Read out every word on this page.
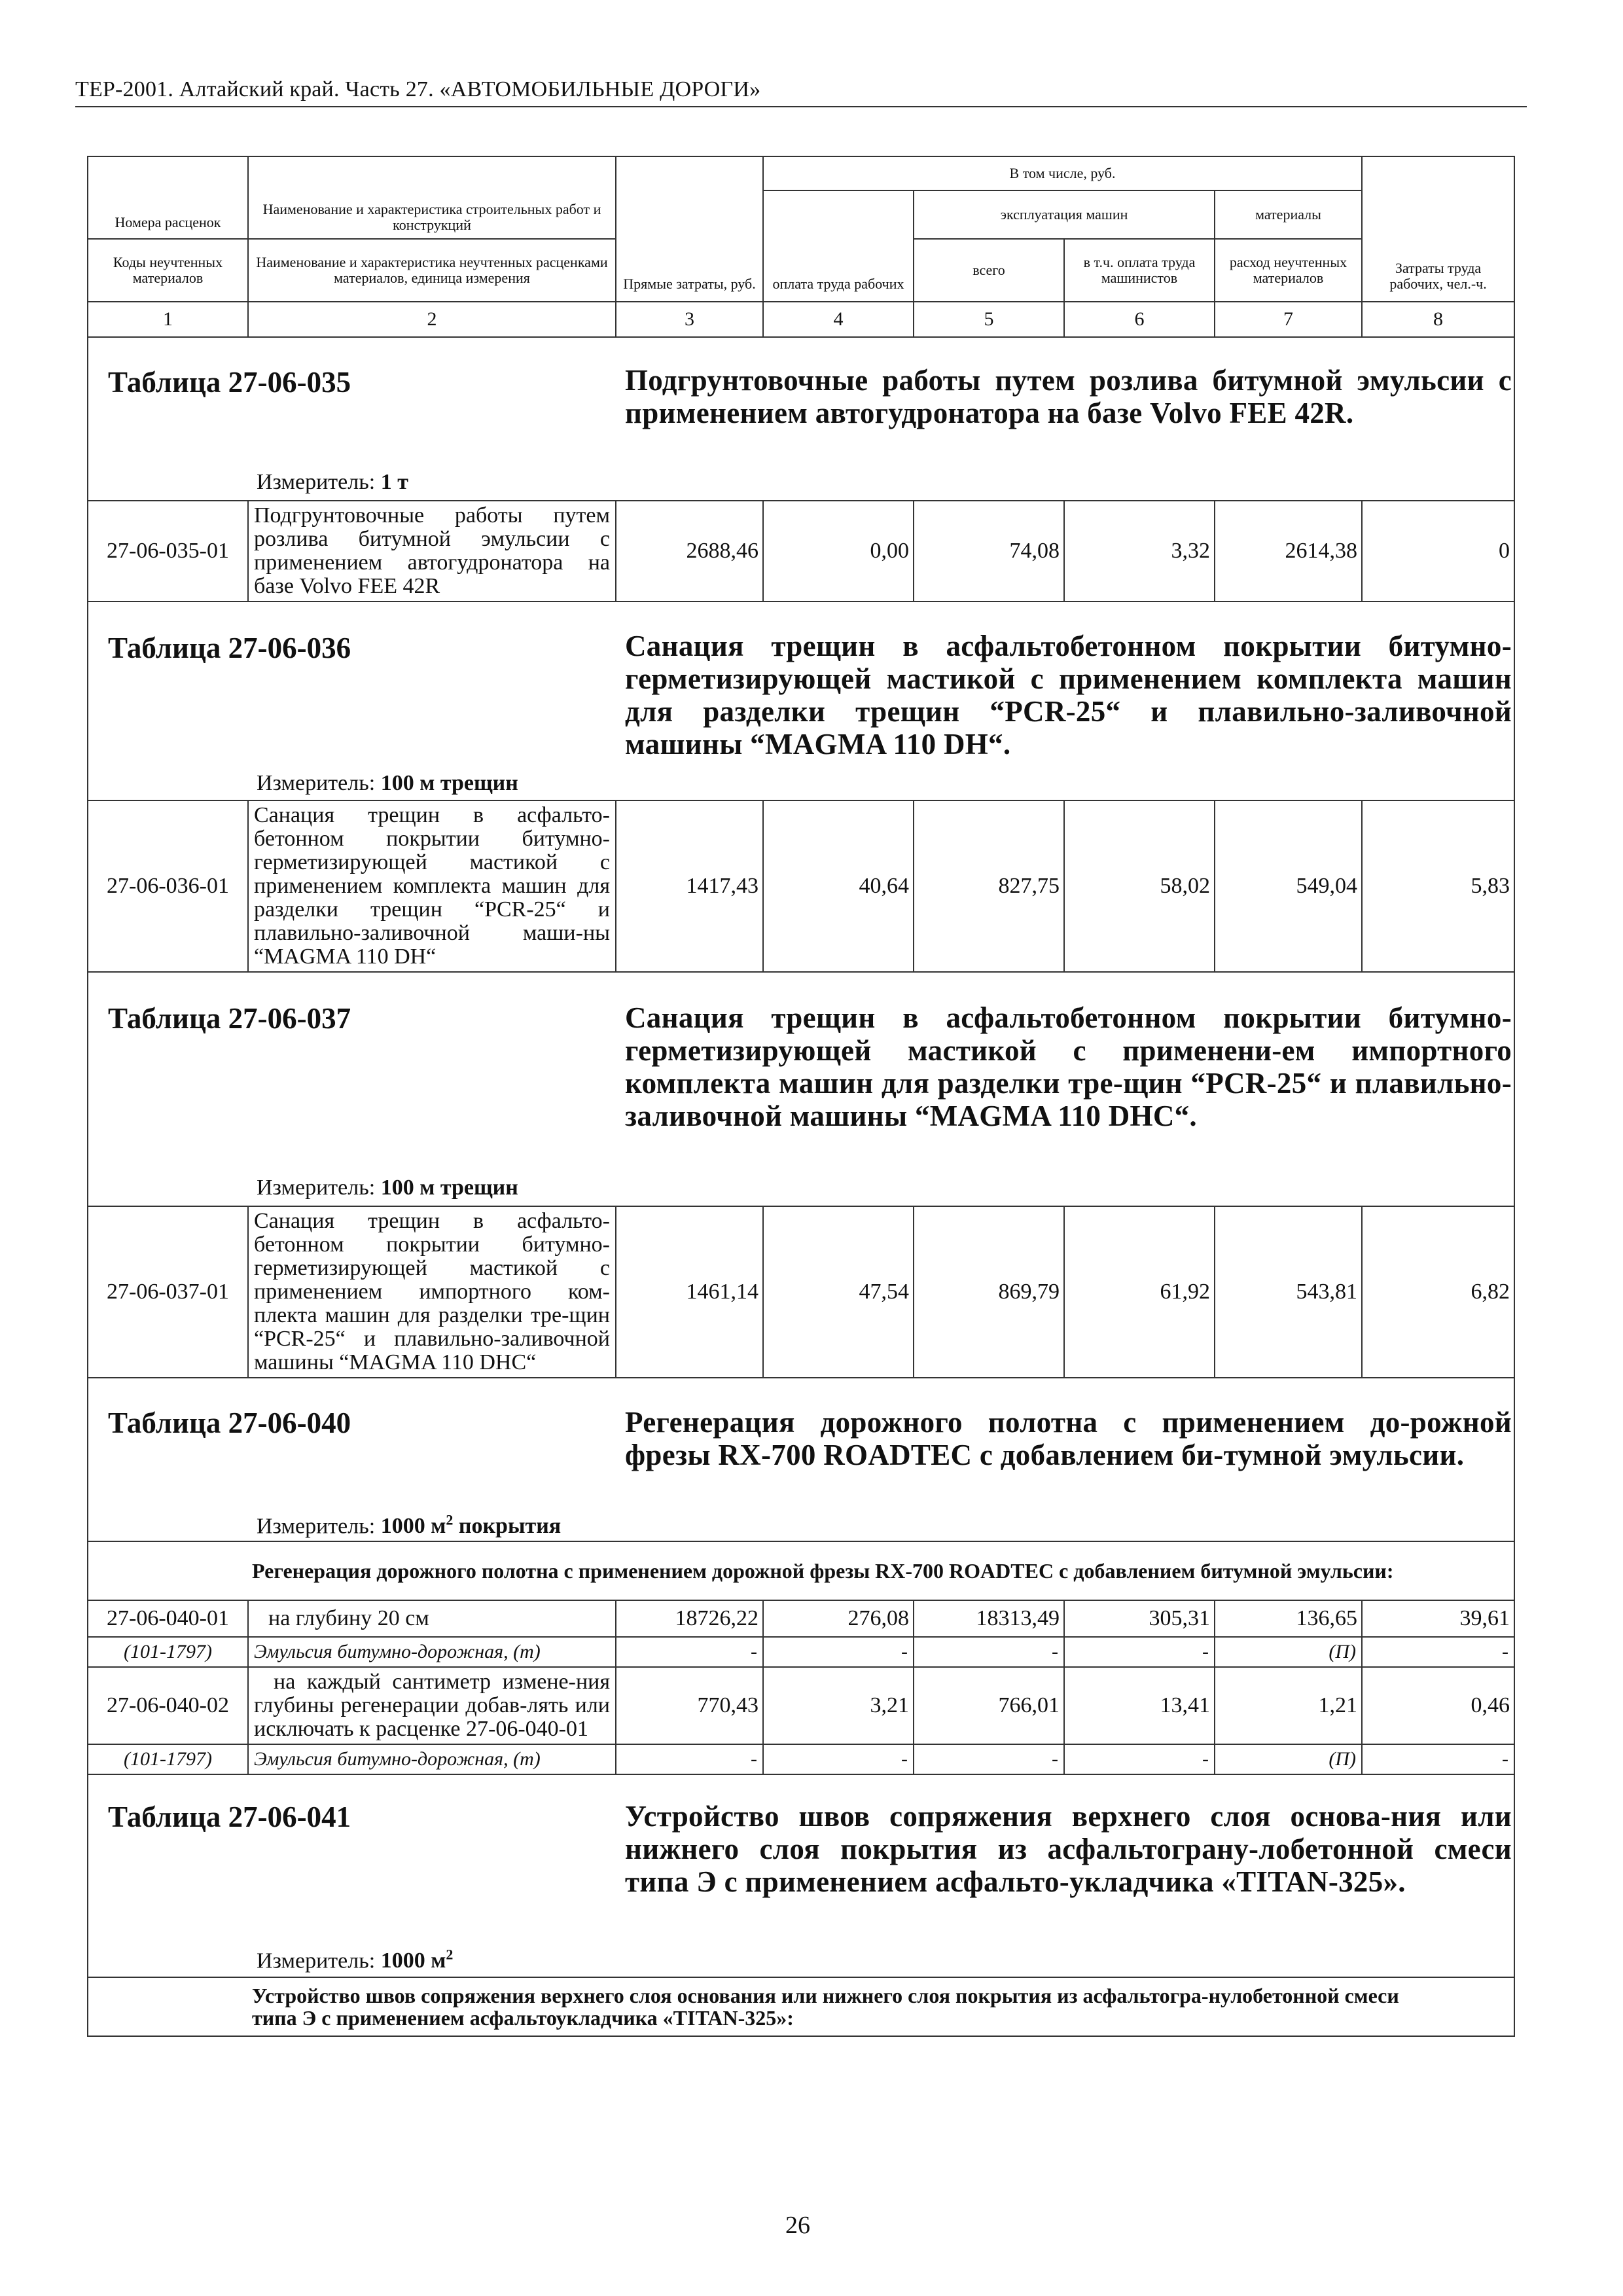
ТЕР-2001. Алтайский край. Часть 27. «АВТОМОБИЛЬНЫЕ ДОРОГИ»
Номера расценок	Наименование и характеристика строительных работ и конструкций	Прямые затраты, руб.	В том числе, руб.				Затраты труда рабочих, чел.-ч.
			оплата труда рабочих	эксплуатация машин		материалы	
Коды неучтенных материалов	Наименование и характеристика неучтенных расценками материалов, единица измерения			всего	в т.ч. оплата труда машинистов	расход неучтенных материалов	
1	2	3	4	5	6	7	8

Таблица 27-06-035 Подгрунтовочные работы путем розлива битумной эмульсии с применением автогудронатора на базе Volvo FEE 42R.
Измеритель: 1 т							

27-06-035-01	Подгрунтовочные работы путем розлива битумной эмульсии с применением автогудронатора на базе Volvo FEE 42R	2688,46	0,00	74,08	3,32	2614,38	0

Таблица 27-06-036 Санация трещин в асфальтобетонном покрытии битумно-герметизирующей мастикой с применением комплекта машин для разделки трещин “PCR-25“ и плавильно-заливочной машины “MAGMA 110 DH“.
Измеритель: 100 м трещин							

27-06-036-01	Санация трещин в асфальто-бетонном покрытии битумно-герметизирующей мастикой с применением комплекта машин для разделки трещин “PCR-25“ и плавильно-заливочной маши-ны “MAGMA 110 DH“	1417,43	40,64	827,75	58,02	549,04	5,83

Таблица 27-06-037 Санация трещин в асфальтобетонном покрытии битумно-герметизирующей мастикой с применени-ем импортного комплекта машин для разделки тре-щин “PCR-25“ и плавильно-заливочной машины “MAGMA 110 DHC“.
Измеритель: 100 м трещин							

27-06-037-01	Санация трещин в асфальто-бетонном покрытии битумно-герметизирующей мастикой с применением импортного ком-плекта машин для разделки тре-щин “PCR-25“ и плавильно-заливочной машины “MAGMA 110 DHC“	1461,14	47,54	869,79	61,92	543,81	6,82

Таблица 27-06-040 Регенерация дорожного полотна с применением до-рожной фрезы RX-700 ROADTEC с добавлением би-тумной эмульсии.
Измеритель: 1000 $м^2$ покрытия							

Регенерация дорожного полотна с применением дорожной фрезы RX-700 ROADTEC с добавлением битумной эмульсии:							
27-06-040-01	на глубину 20 см	18726,22	276,08	18313,49	305,31	136,65	39,61
(101-1797)	Эмульсия битумно-дорожная, (т)	-	-	-	-	(П)	-
27-06-040-02	на каждый сантиметр измене-ния глубины регенерации добав-лять или исключать к расценке 27-06-040-01	770,43	3,21	766,01	13,41	1,21	0,46
(101-1797)	Эмульсия битумно-дорожная, (т)	-	-	-	-	(П)	-

Таблица 27-06-041 Устройство швов сопряжения верхнего слоя основа-ния или нижнего слоя покрытия из асфальтограну-лобетонной смеси типа Э с применением асфальто-укладчика «TITAN-325».
Измеритель: 1000 $м^2$

Устройство швов сопряжения верхнего слоя основания или нижнего слоя покрытия из асфальтогра-нулобетонной смеси типа Э с применением асфальтоукладчика «TITAN-325»:							
26
